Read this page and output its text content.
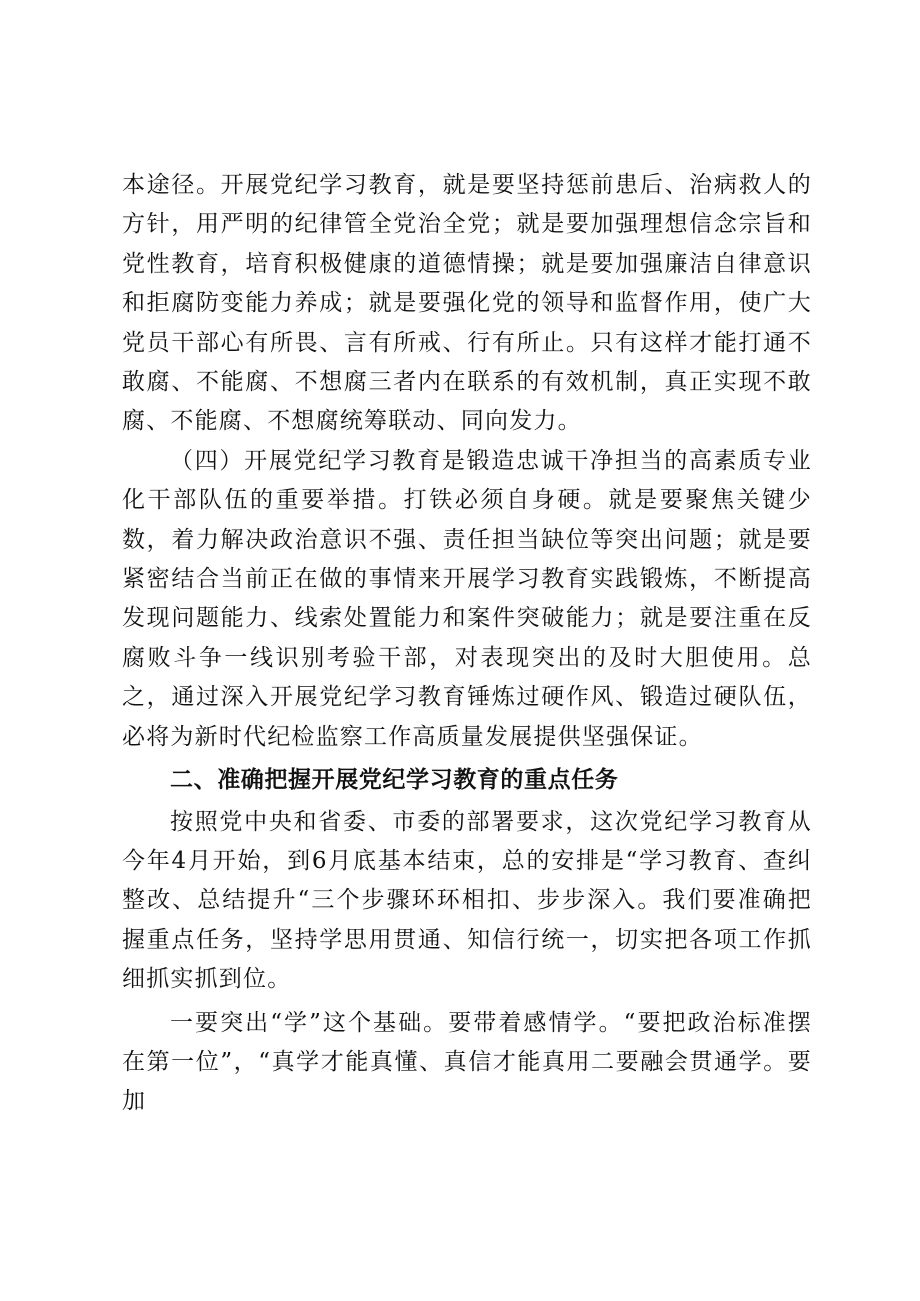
本途径。开展党纪学习教育，就是要坚持惩前患后、治病救人的方针，用严明的纪律管全党治全党；就是要加强理想信念宗旨和党性教育，培育积极健康的道德情操；就是要加强廉洁自律意识和拒腐防变能力养成；就是要强化党的领导和监督作用，使广大党员干部心有所畏、言有所戒、行有所止。只有这样才能打通不敢腐、不能腐、不想腐三者内在联系的有效机制，真正实现不敢腐、不能腐、不想腐统筹联动、同向发力。

（四）开展党纪学习教育是锻造忠诚干净担当的高素质专业化干部队伍的重要举措。打铁必须自身硬。就是要聚焦关键少数，着力解决政治意识不强、责任担当缺位等突出问题；就是要紧密结合当前正在做的事情来开展学习教育实践锻炼，不断提高发现问题能力、线索处置能力和案件突破能力；就是要注重在反腐败斗争一线识别考验干部，对表现突出的及时大胆使用。总之，通过深入开展党纪学习教育锤炼过硬作风、锻造过硬队伍，必将为新时代纪检监察工作高质量发展提供坚强保证。

二、准确把握开展党纪学习教育的重点任务

按照党中央和省委、市委的部署要求，这次党纪学习教育从今年4月开始，到6月底基本结束，总的安排是“学习教育、查纠整改、总结提升“三个步骤环环相扣、步步深入。我们要准确把握重点任务，坚持学思用贯通、知信行统一，切实把各项工作抓细抓实抓到位。

一要突出“学”这个基础。要带着感情学。“要把政治标准摆在第一位”，“真学才能真懂、真信才能真用二要融会贯通学。要加
